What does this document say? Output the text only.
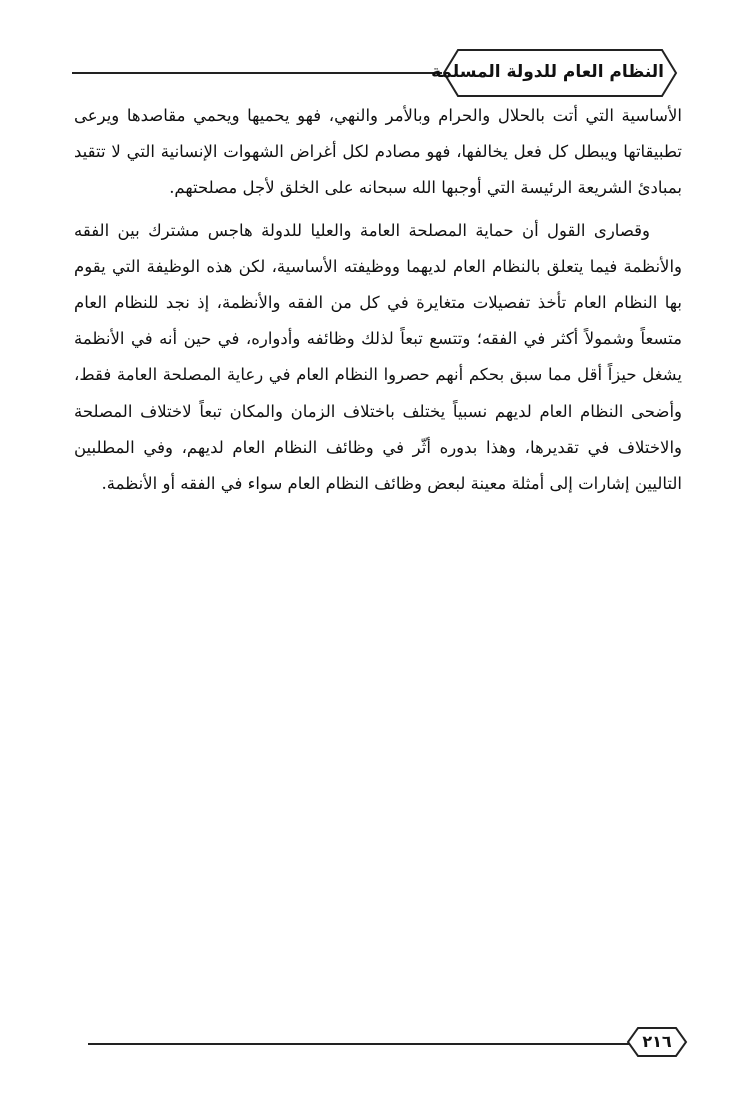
النظام العام للدولة المسلمة

الأساسية التي أتت بالحلال والحرام وبالأمر والنهي، فهو يحميها ويحمي مقاصدها ويرعى تطبيقاتها ويبطل كل فعل يخالفها، فهو مصادم لكل أغراض الشهوات الإنسانية التي لا تتقيد بمبادئ الشريعة الرئيسة التي أوجبها الله سبحانه على الخلق لأجل مصلحتهم.

وقصارى القول أن حماية المصلحة العامة والعليا للدولة هاجس مشترك بين الفقه والأنظمة فيما يتعلق بالنظام العام لديهما ووظيفته الأساسية، لكن هذه الوظيفة التي يقوم بها النظام العام تأخذ تفصيلات متغايرة في كل من الفقه والأنظمة، إذ نجد للنظام العام متسعاً وشمولاً أكثر في الفقه؛ وتتسع تبعاً لذلك وظائفه وأدواره، في حين أنه في الأنظمة يشغل حيزاً أقل مما سبق بحكم أنهم حصروا النظام العام في رعاية المصلحة العامة فقط، وأضحى النظام العام لديهم نسبياً يختلف باختلاف الزمان والمكان تبعاً لاختلاف المصلحة والاختلاف في تقديرها، وهذا بدوره أثّر في وظائف النظام العام لديهم، وفي المطلبين التاليين إشارات إلى أمثلة معينة لبعض وظائف النظام العام سواء في الفقه أو الأنظمة.

٢١٦
